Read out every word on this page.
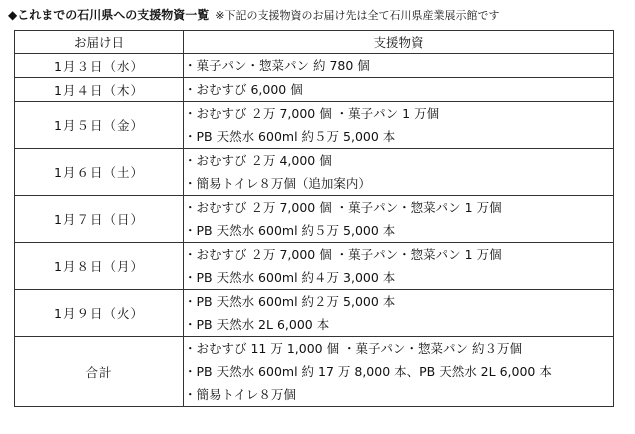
◆これまでの石川県への支援物資一覧 ※下記の支援物資のお届け先は全て石川県産業展示館です
お届け日	支援物資
1月３日（水）	・菓子パン・惣菜パン 約 780 個

1月４日（木）	・おむすび 6,000 個

1月５日（金）	・おむすび ２万 7,000 個 ・菓子パン 1 万個
・PB 天然水 600ml 約５万 5,000 本

1月６日（土）	・おむすび ２万 4,000 個
・簡易トイレ８万個（追加案内）

1月７日（日）	・おむすび ２万 7,000 個 ・菓子パン・惣菜パン 1 万個
・PB 天然水 600ml 約５万 5,000 本

1月８日（月）	・おむすび ２万 7,000 個 ・菓子パン・惣菜パン 1 万個
・PB 天然水 600ml 約４万 3,000 本

1月９日（火）	・PB 天然水 600ml 約２万 5,000 本
・PB 天然水 2L 6,000 本

合計	・おむすび 11 万 1,000 個 ・菓子パン・惣菜パン 約３万個
・PB 天然水 600ml 約 17 万 8,000 本、PB 天然水 2L 6,000 本
・簡易トイレ８万個
